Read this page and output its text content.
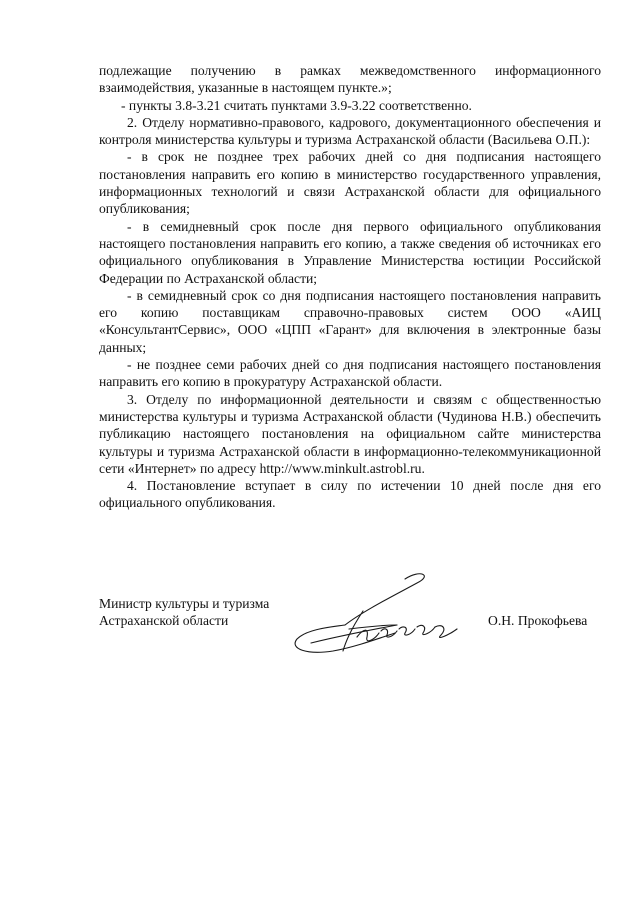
подлежащие получению в рамках межведомственного информационного взаимодействия, указанные в настоящем пункте.»;

- пункты 3.8-3.21 считать пунктами 3.9-3.22 соответственно.

2. Отделу нормативно-правового, кадрового, документационного обеспечения и контроля министерства культуры и туризма Астраханской области (Васильева О.П.):

- в срок не позднее трех рабочих дней со дня подписания настоящего постановления направить его копию в министерство государственного управления, информационных технологий и связи Астраханской области для официального опубликования;

- в семидневный срок после дня первого официального опубликования настоящего постановления направить его копию, а также сведения об источниках его официального опубликования в Управление Министерства юстиции Российской Федерации по Астраханской области;

- в семидневный срок со дня подписания настоящего постановления направить его копию поставщикам справочно-правовых систем ООО «АИЦ «КонсультантСервис», ООО «ЦПП «Гарант» для включения в электронные базы данных;

- не позднее семи рабочих дней со дня подписания настоящего постановления направить его копию в прокуратуру Астраханской области.

3. Отделу по информационной деятельности и связям с общественностью министерства культуры и туризма Астраханской области (Чудинова Н.В.) обеспечить публикацию настоящего постановления на официальном сайте министерства культуры и туризма Астраханской области в информационно-телекоммуникационной сети «Интернет» по адресу http://www.minkult.astrobl.ru.

4. Постановление вступает в силу по истечении 10 дней после дня его официального опубликования.

Министр культуры и туризма
Астраханской области	О.Н. Прокофьева
